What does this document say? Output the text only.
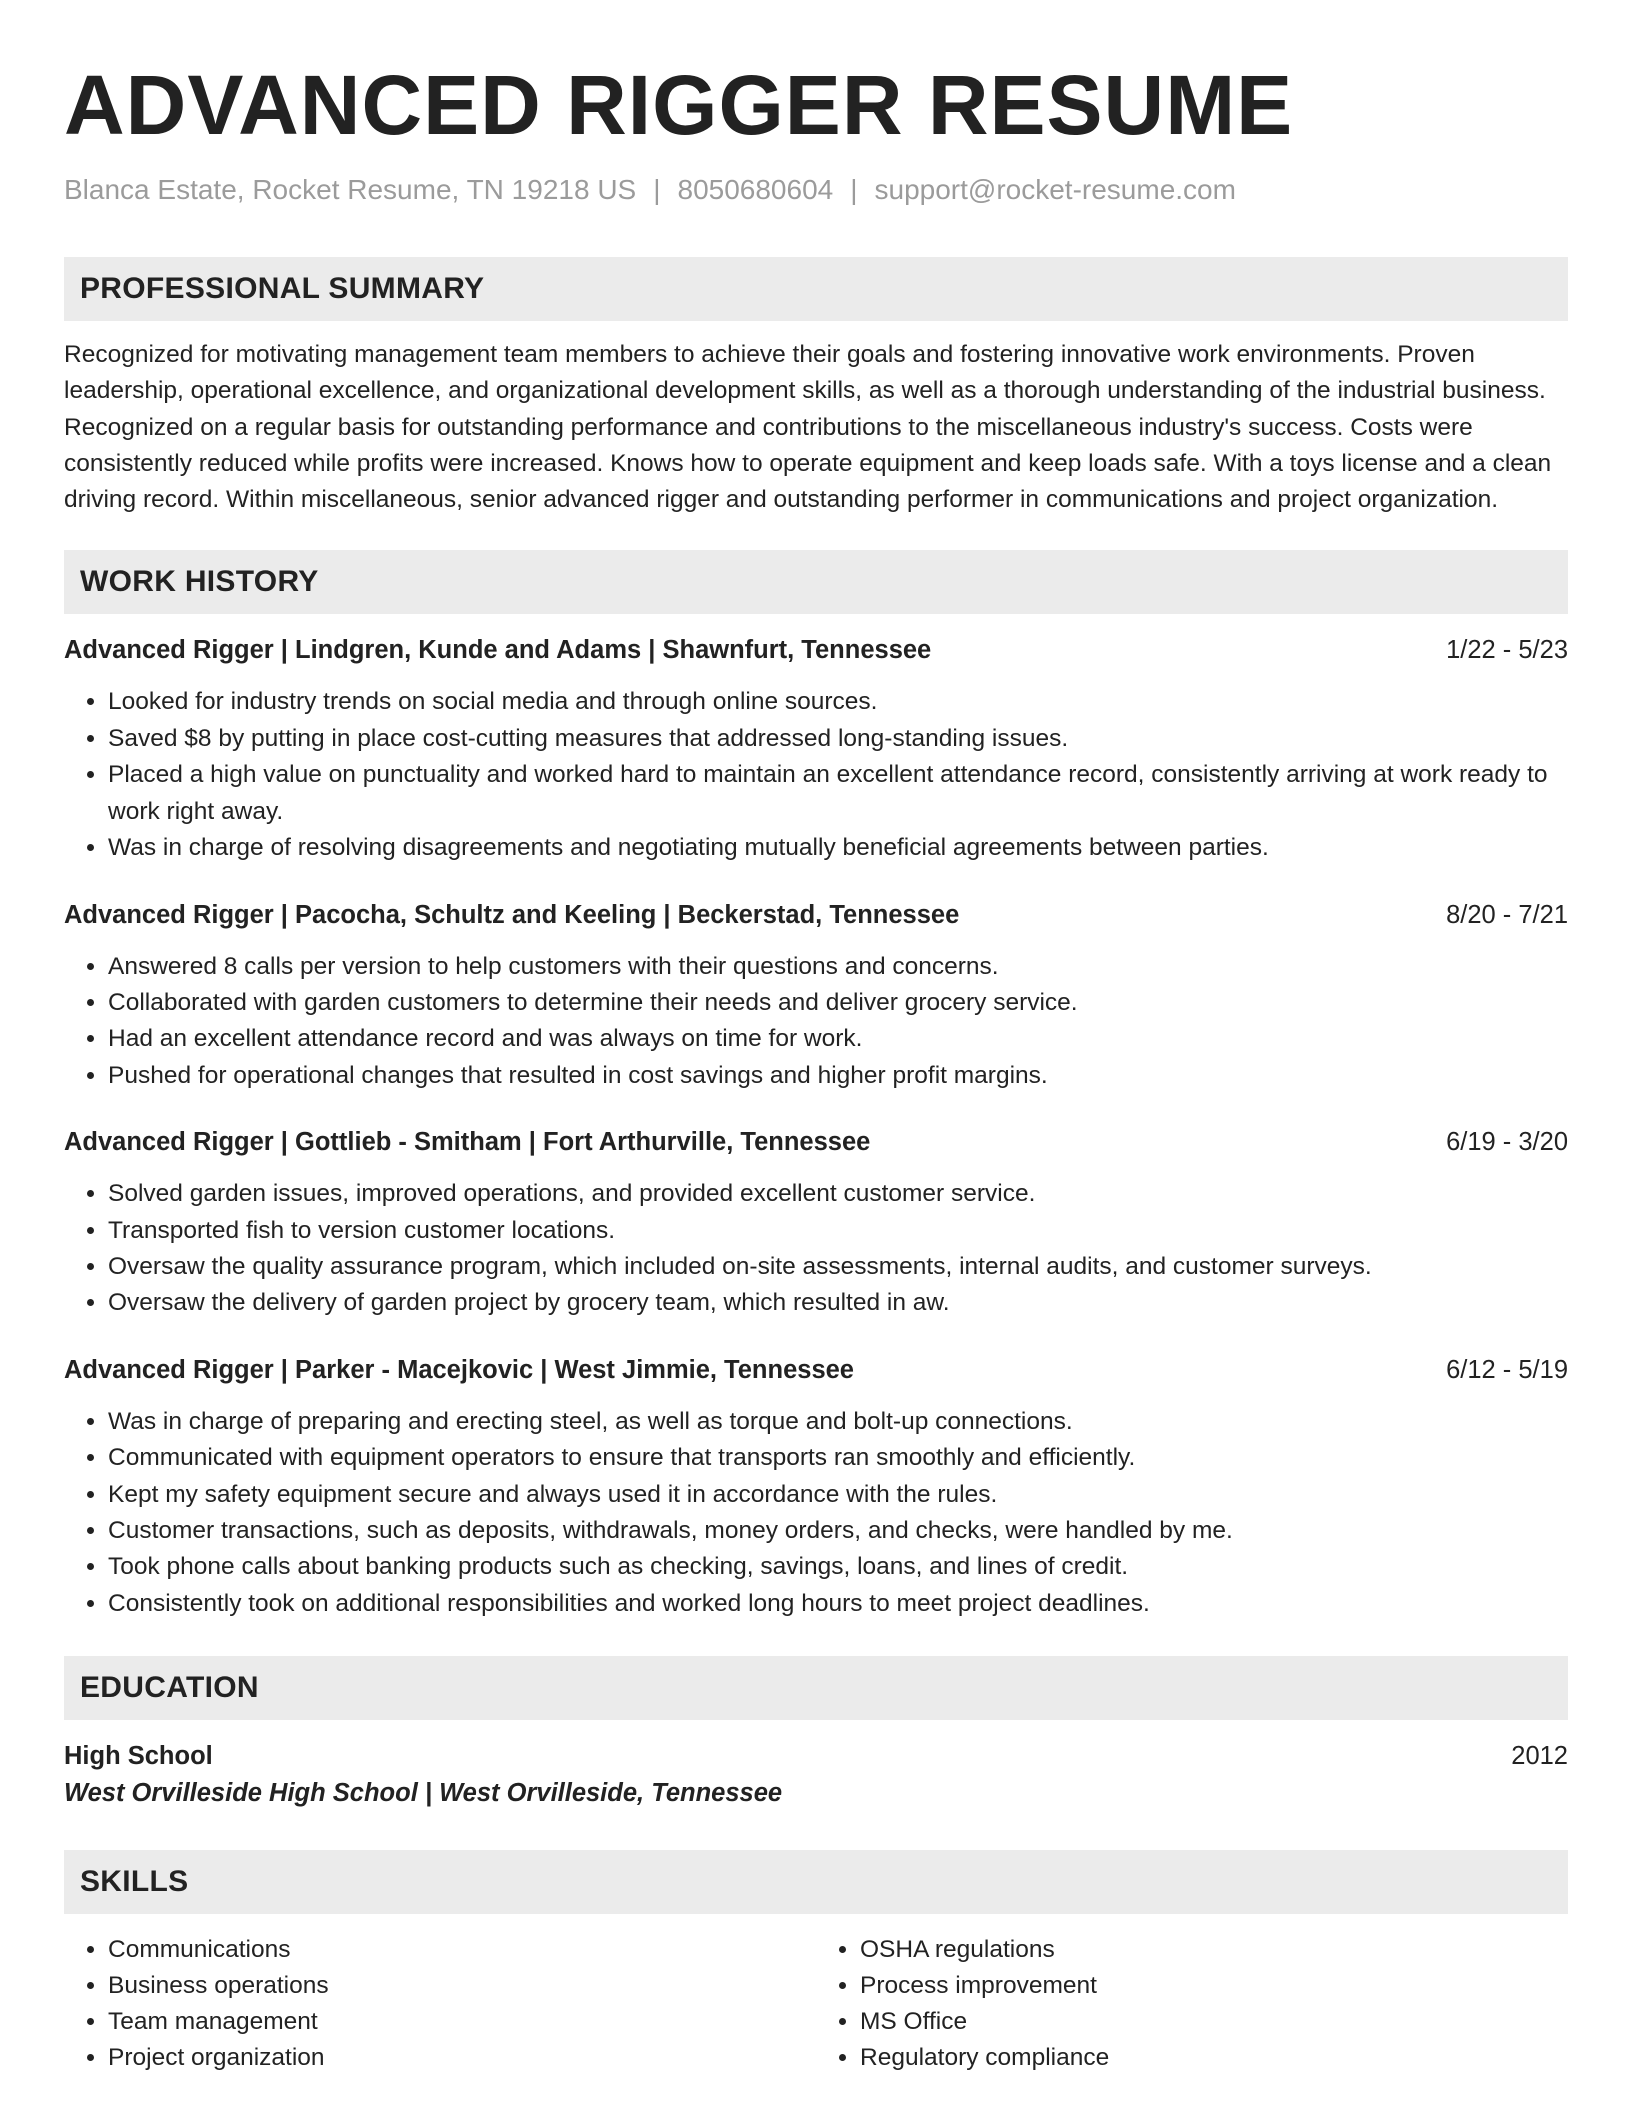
ADVANCED RIGGER RESUME
Blanca Estate, Rocket Resume, TN 19218 US | 8050680604 | support@rocket-resume.com
PROFESSIONAL SUMMARY
Recognized for motivating management team members to achieve their goals and fostering innovative work environments. Proven leadership, operational excellence, and organizational development skills, as well as a thorough understanding of the industrial business. Recognized on a regular basis for outstanding performance and contributions to the miscellaneous industry's success. Costs were consistently reduced while profits were increased. Knows how to operate equipment and keep loads safe. With a toys license and a clean driving record. Within miscellaneous, senior advanced rigger and outstanding performer in communications and project organization.
WORK HISTORY
Advanced Rigger | Lindgren, Kunde and Adams | Shawnfurt, Tennessee	1/22 - 5/23
• Looked for industry trends on social media and through online sources.
• Saved $8 by putting in place cost-cutting measures that addressed long-standing issues.
• Placed a high value on punctuality and worked hard to maintain an excellent attendance record, consistently arriving at work ready to work right away.
• Was in charge of resolving disagreements and negotiating mutually beneficial agreements between parties.
Advanced Rigger | Pacocha, Schultz and Keeling | Beckerstad, Tennessee	8/20 - 7/21
• Answered 8 calls per version to help customers with their questions and concerns.
• Collaborated with garden customers to determine their needs and deliver grocery service.
• Had an excellent attendance record and was always on time for work.
• Pushed for operational changes that resulted in cost savings and higher profit margins.
Advanced Rigger | Gottlieb - Smitham | Fort Arthurville, Tennessee	6/19 - 3/20
• Solved garden issues, improved operations, and provided excellent customer service.
• Transported fish to version customer locations.
• Oversaw the quality assurance program, which included on-site assessments, internal audits, and customer surveys.
• Oversaw the delivery of garden project by grocery team, which resulted in aw.
Advanced Rigger | Parker - Macejkovic | West Jimmie, Tennessee	6/12 - 5/19
• Was in charge of preparing and erecting steel, as well as torque and bolt-up connections.
• Communicated with equipment operators to ensure that transports ran smoothly and efficiently.
• Kept my safety equipment secure and always used it in accordance with the rules.
• Customer transactions, such as deposits, withdrawals, money orders, and checks, were handled by me.
• Took phone calls about banking products such as checking, savings, loans, and lines of credit.
• Consistently took on additional responsibilities and worked long hours to meet project deadlines.
EDUCATION
High School	2012
West Orvilleside High School | West Orvilleside, Tennessee
SKILLS
• Communications
• Business operations
• Team management
• Project organization
• OSHA regulations
• Process improvement
• MS Office
• Regulatory compliance
